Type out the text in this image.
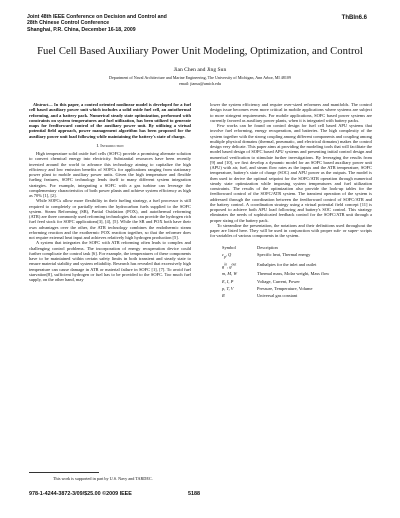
Joint 48th IEEE Conference on Decision and Control and
28th Chinese Control Conference
Shanghai, P.R. China, December 16-18, 2009
ThBIn6.6
Fuel Cell Based Auxiliary Power Unit Modeling, Optimization, and Control
Jian Chen and Jing Sun
Department of Naval Architecture and Marine Engineering, The University of Michigan, Ann Arbor, MI 48109
email: jiansu@umich.edu

Abstract— In this paper, a control oriented nonlinear model is developed for a fuel cell based auxiliary power unit which includes a solid oxide fuel cell, an autothermal reforming, and a battery pack. Numerical steady state optimization, performed with constraints on system temperatures and fuel utilization, has been utilized to generate maps for feedforward control of the auxiliary power unit. By utilizing a virtual potential field approach, power management algorithm has been proposed for the auxiliary power unit load following while maintaining the battery's state of charge.

I. Introduction

High temperature solid oxide fuel cells (SOFC) provide a promising alternate solution to convert chemical energy into electricity. Substantial resources have been recently invested around the world to advance this technology aiming to capitalize the high efficiency and low emission benefits of SOFCs for applications ranging from stationary power plant to mobile auxiliary power units. Given the high temperature and flexible fueling features, SOFC technology lends itself to many different system integration strategies. For example, integrating a SOFC with a gas turbine can leverage the complementary characteristics of both power plants and achieve system efficiency as high as 70% [1], [2].

While SOFCs allow more flexibility in their fueling strategy, a fuel processor is still required to completely or partially reform the hydrocarbon fuels supplied to the SOFC system. Steam Reforming (SR), Partial Oxidation (POX), and autothermal reforming (ATR) are three commonly used reforming technologies that can provide the hydrogen rich fuel feed stock for SOFC applications[3], [4], [5]. While the SR and POX both have their own advantages over the other, the ATR technology combines the endothermic steam reforming reaction and the exothermic POX reaction together, so that the reformer does not require external heat input and achieves relatively high hydrogen production [5].

A system that integrates the SOFC with ATR reforming often leads to complex and challenging control problems. The incorporation of energy recuperation device could further complicate the control task [6]. For example, the temperatures of these components have to be maintained within certain safety limits in both transient and steady state to ensure material stability and system reliability. Research has revealed that excessively high temperature can cause damage in ATR or material failure in SOFC [1], [7]. To avoid fuel starvation[8], sufficient hydrogen or fuel has to be provided to the SOFC. Too much fuel supply, on the other hand, may

lower the system efficiency and require over-sized reformers and manifolds. The control design issue becomes even more critical in mobile applications where systems are subject to more stringent requirements. For mobile applications, SOFC based power systems are currently favored as auxiliary power plants, when it is integrated with battery packs.

Few works can be found on control design for fuel cell based APU systems that involve fuel reforming, energy recuperation, and batteries. The high complexity of the system together with the strong coupling among different components and coupling among multiple physical domains (thermal, pneumatic, and electrical domains) makes the control design very delicate. This paper aims at providing the modeling tools that will facilitate the model based design of SOFC based APU systems and presenting initial control design and numerical verification to stimulate further investigations. By leveraging the results from [9] and [10], we first develop a dynamic model for an SOFC based auxiliary power unit (APU) with air, fuel, and steam flow rates as the inputs and the ATR temperature, SOFC temperature, battery's state of charge (SOC) and APU power as the outputs. The model is then used to derive the optimal setpoint for the SOFC/ATR operation through numerical steady state optimization while imposing system temperatures and fuel utilization constraints. The results of the optimization also provide the look-up tables for the feedforward control of the SOFC/ATR system. The transient operation of the system is addressed through the coordination between the feedforward control of SOFC/ATR and the battery control. A coordination strategy using a virtual potential field concept [11] is proposed to achieve both APU load following and battery's SOC control. This strategy eliminates the needs of sophisticated feedback control for the SOFC/ATR unit through a proper sizing of the battery pack.

To streamline the presentation, the notations and their definitions used throughout the paper are listed here. They will be used in conjunction with proper sub- or super- scripts for variables of various components in the system.

Symbol	Description
$c_p$, Q	Specific heat, Thermal energy
$g^{in}$, $g^{out}$	Enthalpies for the inlet and outlet
m, M, W	Thermal mass, Molar weight, Mass flow
E, I, P	Voltage, Current, Power
p, T, V	Pressure, Temperature, Volume
R	Universal gas constant
This work is supported in part by U.S. Navy and TARDEC.
978-1-4244-3872-3/09/$25.00 ©2009 IEEE	5188
